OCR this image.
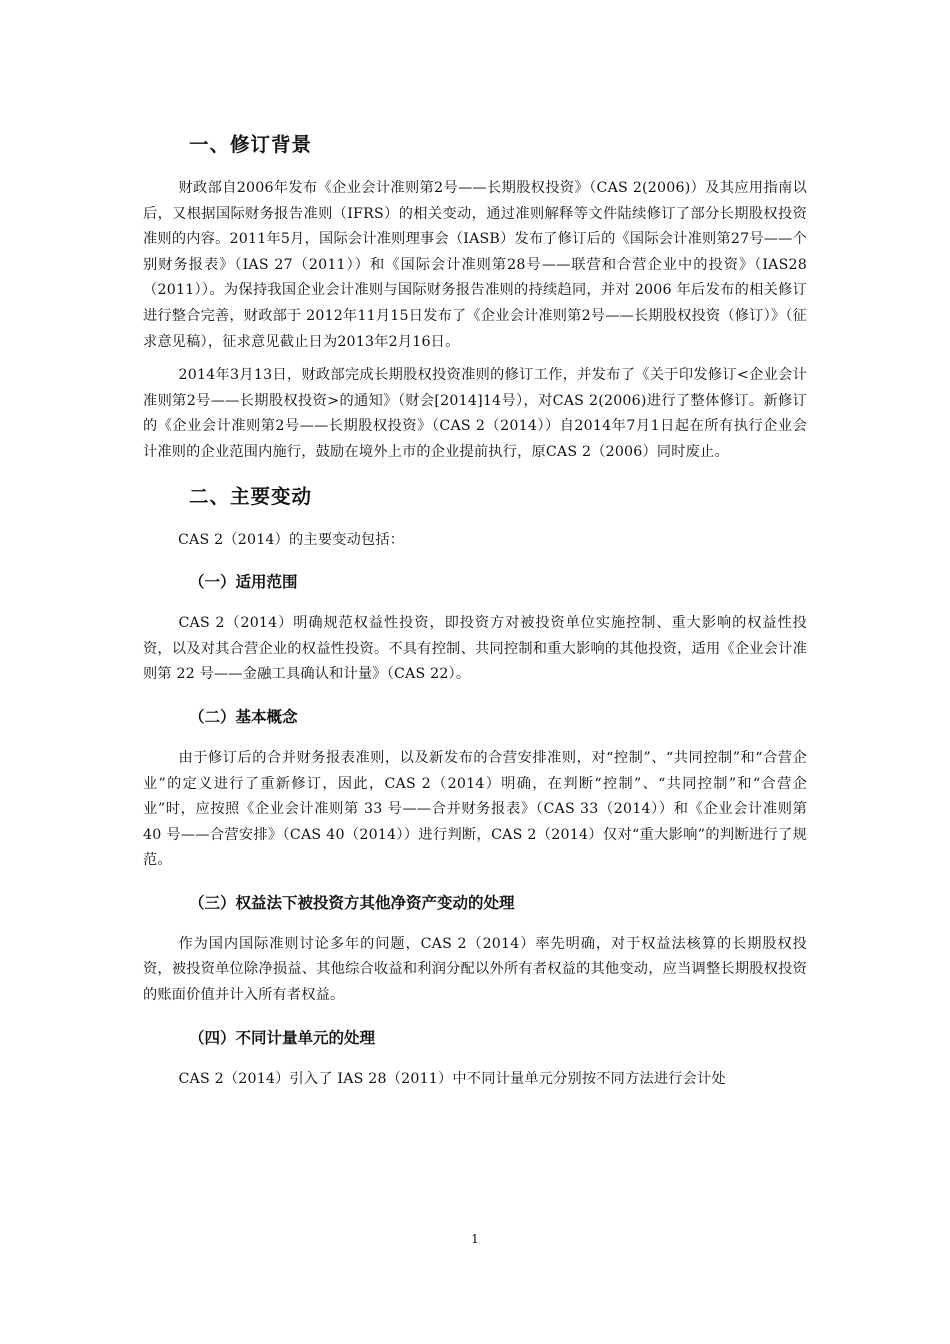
一、修订背景

财政部自2006年发布《企业会计准则第2号——长期股权投资》（CAS 2(2006)）及其应用指南以后，又根据国际财务报告准则（IFRS）的相关变动，通过准则解释等文件陆续修订了部分长期股权投资准则的内容。2011年5月，国际会计准则理事会（IASB）发布了修订后的《国际会计准则第27号——个别财务报表》（IAS 27（2011））和《国际会计准则第28号——联营和合营企业中的投资》（IAS28（2011））。为保持我国企业会计准则与国际财务报告准则的持续趋同，并对 2006 年后发布的相关修订进行整合完善，财政部于 2012年11月15日发布了《企业会计准则第2号——长期股权投资（修订）》（征求意见稿），征求意见截止日为2013年2月16日。

2014年3月13日，财政部完成长期股权投资准则的修订工作，并发布了《关于印发修订<企业会计准则第2号——长期股权投资>的通知》（财会[2014]14号），对CAS 2(2006)进行了整体修订。新修订的《企业会计准则第2号——长期股权投资》（CAS 2（2014））自2014年7月1日起在所有执行企业会计准则的企业范围内施行，鼓励在境外上市的企业提前执行，原CAS 2（2006）同时废止。

二、主要变动

CAS 2（2014）的主要变动包括：

（一）适用范围

CAS 2（2014）明确规范权益性投资，即投资方对被投资单位实施控制、重大影响的权益性投资，以及对其合营企业的权益性投资。不具有控制、共同控制和重大影响的其他投资，适用《企业会计准则第 22 号——金融工具确认和计量》（CAS 22）。

（二）基本概念

由于修订后的合并财务报表准则，以及新发布的合营安排准则，对“控制”、“共同控制”和“合营企业”的定义进行了重新修订，因此，CAS 2（2014）明确，在判断“控制”、“共同控制”和“合营企业”时，应按照《企业会计准则第 33 号——合并财务报表》（CAS 33（2014））和《企业会计准则第 40 号——合营安排》（CAS 40（2014））进行判断，CAS 2（2014）仅对“重大影响”的判断进行了规范。

（三）权益法下被投资方其他净资产变动的处理

作为国内国际准则讨论多年的问题，CAS 2（2014）率先明确，对于权益法核算的长期股权投资，被投资单位除净损益、其他综合收益和利润分配以外所有者权益的其他变动，应当调整长期股权投资的账面价值并计入所有者权益。

（四）不同计量单元的处理

CAS 2（2014）引入了 IAS 28（2011）中不同计量单元分别按不同方法进行会计处

1
